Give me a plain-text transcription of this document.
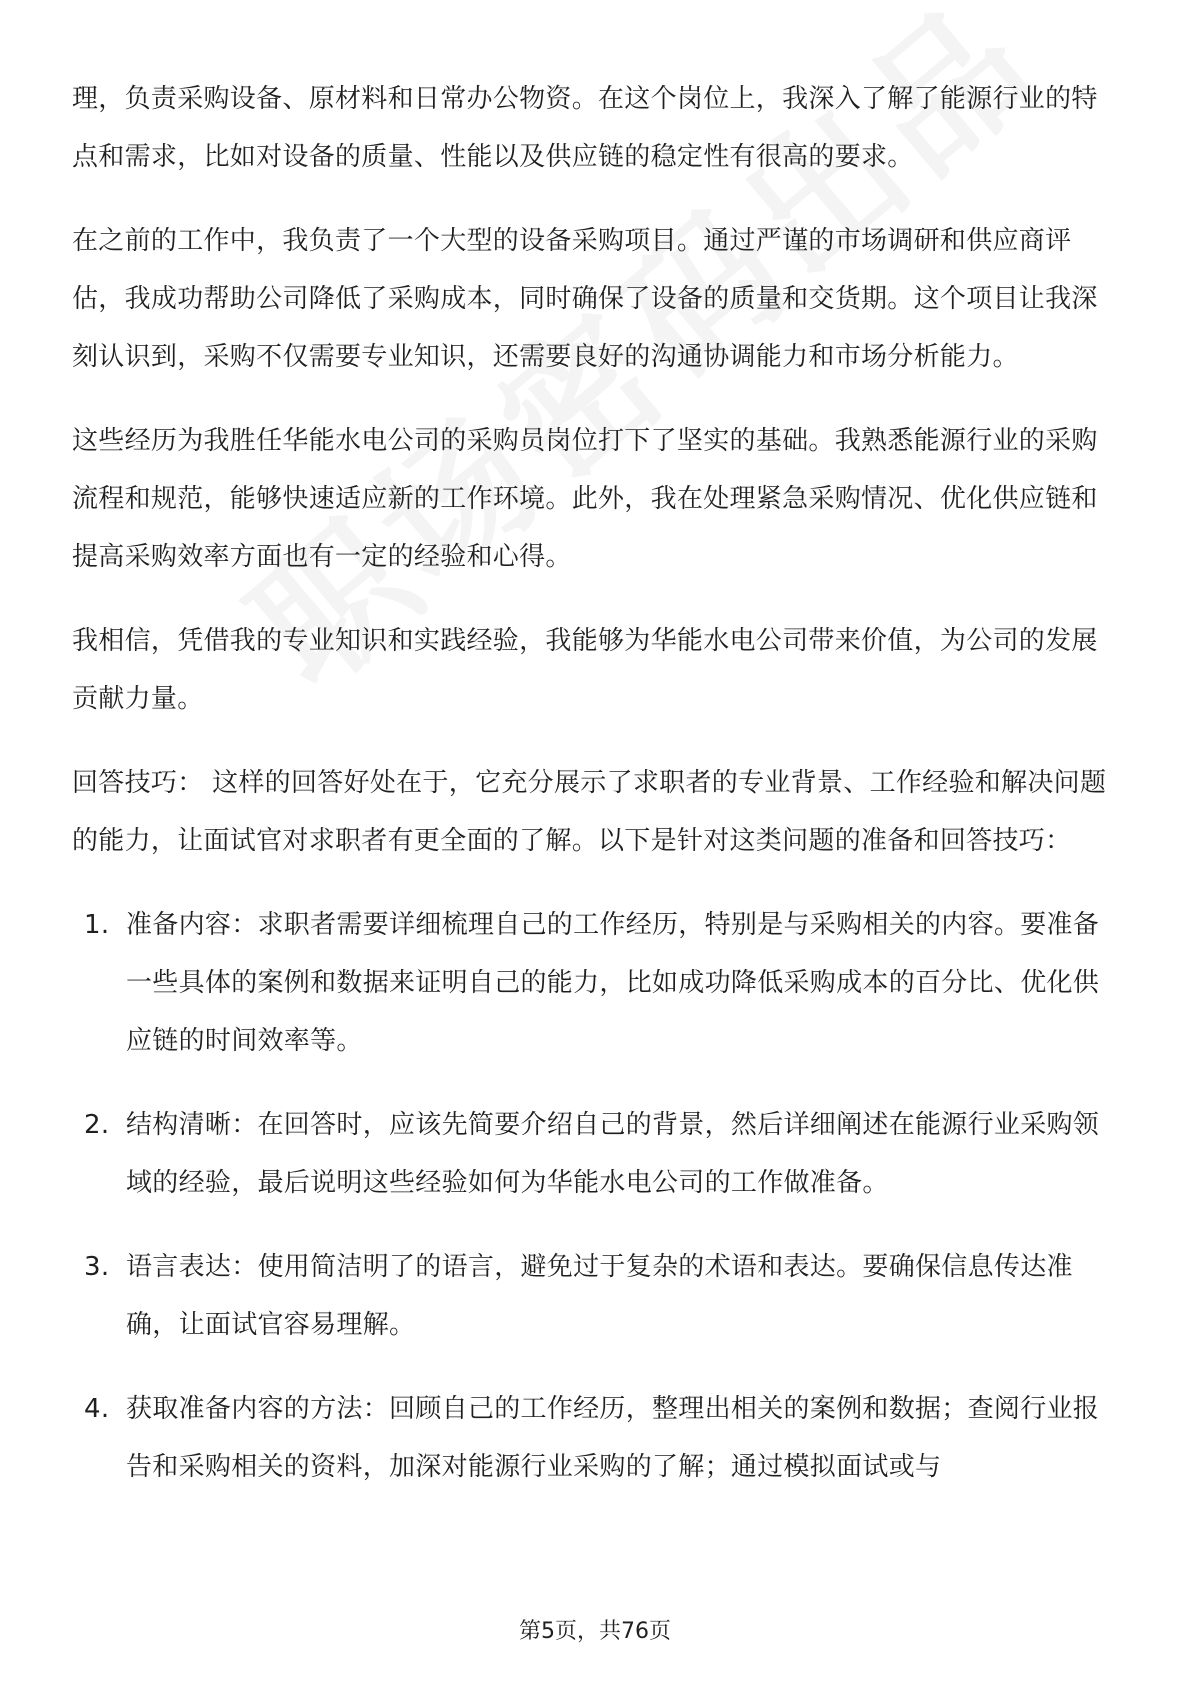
理，负责采购设备、原材料和日常办公物资。在这个岗位上，我深入了解了能源行业的特点和需求，比如对设备的质量、性能以及供应链的稳定性有很高的要求。

在之前的工作中，我负责了一个大型的设备采购项目。通过严谨的市场调研和供应商评估，我成功帮助公司降低了采购成本，同时确保了设备的质量和交货期。这个项目让我深刻认识到，采购不仅需要专业知识，还需要良好的沟通协调能力和市场分析能力。

这些经历为我胜任华能水电公司的采购员岗位打下了坚实的基础。我熟悉能源行业的采购流程和规范，能够快速适应新的工作环境。此外，我在处理紧急采购情况、优化供应链和提高采购效率方面也有一定的经验和心得。

我相信，凭借我的专业知识和实践经验，我能够为华能水电公司带来价值，为公司的发展贡献力量。

回答技巧： 这样的回答好处在于，它充分展示了求职者的专业背景、工作经验和解决问题的能力，让面试官对求职者有更全面的了解。以下是针对这类问题的准备和回答技巧：

1. 准备内容：求职者需要详细梳理自己的工作经历，特别是与采购相关的内容。要准备一些具体的案例和数据来证明自己的能力，比如成功降低采购成本的百分比、优化供应链的时间效率等。
2. 结构清晰：在回答时，应该先简要介绍自己的背景，然后详细阐述在能源行业采购领域的经验，最后说明这些经验如何为华能水电公司的工作做准备。
3. 语言表达：使用简洁明了的语言，避免过于复杂的术语和表达。要确保信息传达准确，让面试官容易理解。
4. 获取准备内容的方法：回顾自己的工作经历，整理出相关的案例和数据；查阅行业报告和采购相关的资料，加深对能源行业采购的了解；通过模拟面试或与
第5页，共76页
